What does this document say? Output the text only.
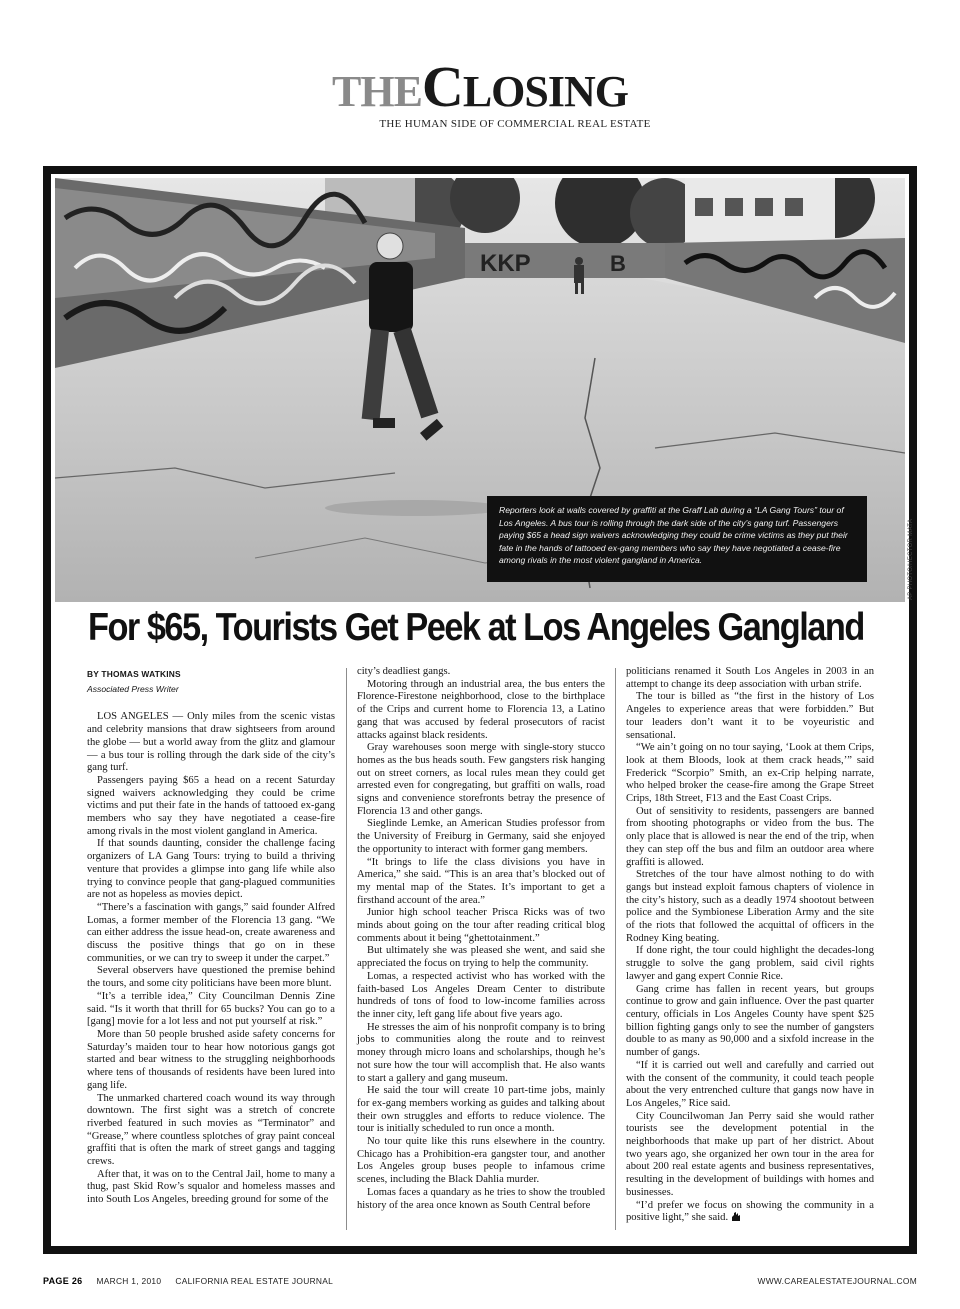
THECLOSING
THE HUMAN SIDE OF COMMERCIAL REAL ESTATE
KKP	B
Reporters look at walls covered by graffiti at the Graff Lab during a “LA Gang Tours” tour of Los Angeles. A bus tour is rolling through the dark side of the city’s gang turf. Passengers paying $65 a head sign waivers acknowledging they could be crime victims as they put their fate in the hands of tattooed ex-gang members who say they have negotiated a cease-fire among rivals in the most violent gangland in America.	AP PHOTO/HECTOR MATA
For $65, Tourists Get Peek at Los Angeles Gangland
BY THOMAS WATKINS
Associated Press Writer

LOS ANGELES — Only miles from the scenic vistas and celebrity mansions that draw sightseers from around the globe — but a world away from the glitz and glamour — a bus tour is rolling through the dark side of the city’s gang turf.

Passengers paying $65 a head on a recent Saturday signed waivers acknowledging they could be crime victims and put their fate in the hands of tattooed ex-gang members who say they have negotiated a cease-fire among rivals in the most violent gangland in America.

If that sounds daunting, consider the challenge facing organizers of LA Gang Tours: trying to build a thriving venture that provides a glimpse into gang life while also trying to convince people that gang-plagued communities are not as hopeless as movies depict.

“There’s a fascination with gangs,” said founder Alfred Lomas, a former member of the Florencia 13 gang. “We can either address the issue head-on, create awareness and discuss the positive things that go on in these communities, or we can try to sweep it under the carpet.”

Several observers have questioned the premise behind the tours, and some city politicians have been more blunt.

“It’s a terrible idea,” City Councilman Dennis Zine said. “Is it worth that thrill for 65 bucks? You can go to a [gang] movie for a lot less and not put yourself at risk.”

More than 50 people brushed aside safety concerns for Saturday’s maiden tour to hear how notorious gangs got started and bear witness to the struggling neighborhoods where tens of thousands of residents have been lured into gang life.

The unmarked chartered coach wound its way through downtown. The first sight was a stretch of concrete riverbed featured in such movies as “Terminator” and “Grease,” where countless splotches of gray paint conceal graffiti that is often the mark of street gangs and tagging crews.

After that, it was on to the Central Jail, home to many a thug, past Skid Row’s squalor and homeless masses and into South Los Angeles, breeding ground for some of the

city’s deadliest gangs.

Motoring through an industrial area, the bus enters the Florence-Firestone neighborhood, close to the birthplace of the Crips and current home to Florencia 13, a Latino gang that was accused by federal prosecutors of racist attacks against black residents.

Gray warehouses soon merge with single-story stucco homes as the bus heads south. Few gangsters risk hanging out on street corners, as local rules mean they could get arrested even for congregating, but graffiti on walls, road signs and convenience storefronts betray the presence of Florencia 13 and other gangs.

Sieglinde Lemke, an American Studies professor from the University of Freiburg in Germany, said she enjoyed the opportunity to interact with former gang members.

“It brings to life the class divisions you have in America,” she said. “This is an area that’s blocked out of my mental map of the States. It’s important to get a firsthand account of the area.”

Junior high school teacher Prisca Ricks was of two minds about going on the tour after reading critical blog comments about it being “ghettotainment.”

But ultimately she was pleased she went, and said she appreciated the focus on trying to help the community.

Lomas, a respected activist who has worked with the faith-based Los Angeles Dream Center to distribute hundreds of tons of food to low-income families across the inner city, left gang life about five years ago.

He stresses the aim of his nonprofit company is to bring jobs to communities along the route and to reinvest money through micro loans and scholarships, though he’s not sure how the tour will accomplish that. He also wants to start a gallery and gang museum.

He said the tour will create 10 part-time jobs, mainly for ex-gang members working as guides and talking about their own struggles and efforts to reduce violence. The tour is initially scheduled to run once a month.

No tour quite like this runs elsewhere in the country. Chicago has a Prohibition-era gangster tour, and another Los Angeles group buses people to infamous crime scenes, including the Black Dahlia murder.

Lomas faces a quandary as he tries to show the troubled history of the area once known as South Central before

politicians renamed it South Los Angeles in 2003 in an attempt to change its deep association with urban strife.

The tour is billed as “the first in the history of Los Angeles to experience areas that were forbidden.” But tour leaders don’t want it to be voyeuristic and sensational.

“We ain’t going on no tour saying, ‘Look at them Crips, look at them Bloods, look at them crack heads,’” said Frederick “Scorpio” Smith, an ex-Crip helping narrate, who helped broker the cease-fire among the Grape Street Crips, 18th Street, F13 and the East Coast Crips.

Out of sensitivity to residents, passengers are banned from shooting photographs or video from the bus. The only place that is allowed is near the end of the trip, when they can step off the bus and film an outdoor area where graffiti is allowed.

Stretches of the tour have almost nothing to do with gangs but instead exploit famous chapters of violence in the city’s history, such as a deadly 1974 shootout between police and the Symbionese Liberation Army and the site of the riots that followed the acquittal of officers in the Rodney King beating.

If done right, the tour could highlight the decades-long struggle to solve the gang problem, said civil rights lawyer and gang expert Connie Rice.

Gang crime has fallen in recent years, but groups continue to grow and gain influence. Over the past quarter century, officials in Los Angeles County have spent $25 billion fighting gangs only to see the number of gangsters double to as many as 90,000 and a sixfold increase in the number of gangs.

“If it is carried out well and carefully and carried out with the consent of the community, it could teach people about the very entrenched culture that gangs now have in Los Angeles,” Rice said.

City Councilwoman Jan Perry said she would rather tourists see the development potential in the neighborhoods that make up part of her district. About two years ago, she organized her own tour in the area for about 200 real estate agents and business representatives, resulting in the development of buildings with homes and businesses.

“I’d prefer we focus on showing the community in a positive light,” she said.

PAGE 26 MARCH 1, 2010 CALIFORNIA REAL ESTATE JOURNAL	WWW.CAREALESTATEJOURNAL.COM
